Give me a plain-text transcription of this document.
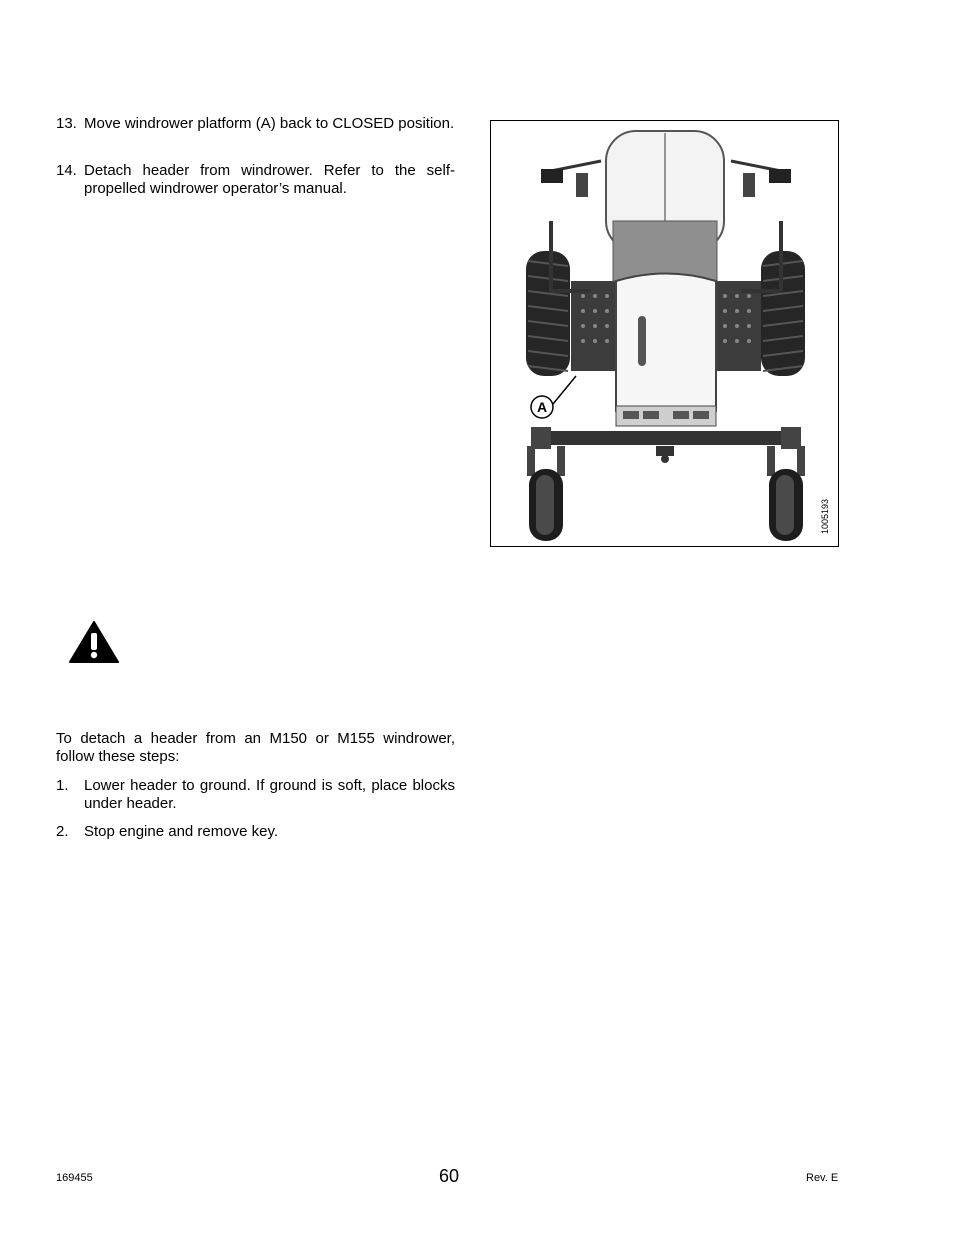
13. Move windrower platform (A) back to CLOSED position.
14. Detach header from windrower. Refer to the self-propelled windrower operator’s manual.
A
1005193
To detach a header from an M150 or M155 windrower, follow these steps:
1. Lower header to ground. If ground is soft, place blocks under header.
2. Stop engine and remove key.
169455	60	Rev. E
